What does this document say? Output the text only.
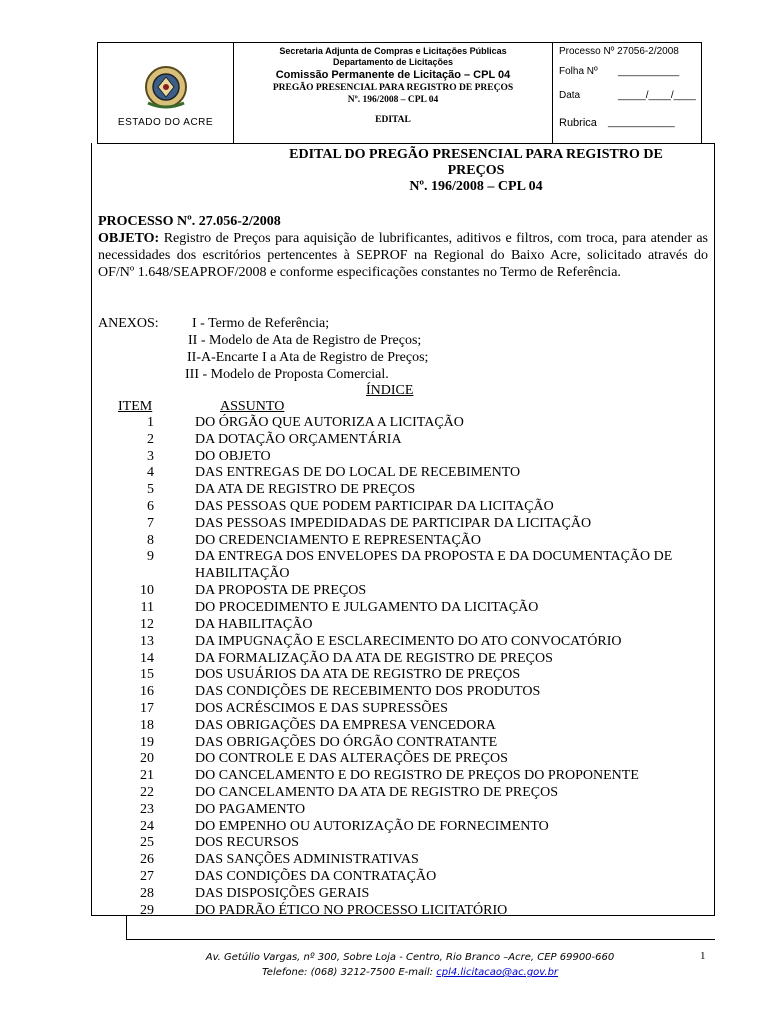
ESTADO DO ACRE
Secretaria Adjunta de Compras e Licitações Públicas
Departamento de Licitações
Comissão Permanente de Licitação – CPL 04
PREGÃO PRESENCIAL PARA REGISTRO DE PREÇOS
Nº. 196/2008 – CPL 04
EDITAL
Processo Nº 27056-2/2008
Folha Nº ___________
Data	_____/____/____
Rubrica ____________
EDITAL DO PREGÃO PRESENCIAL PARA REGISTRO DE
PREÇOS
Nº. 196/2008 – CPL 04
PROCESSO Nº. 27.056-2/2008
OBJETO: Registro de Preços para aquisição de lubrificantes, aditivos e filtros, com troca, para atender as necessidades dos escritórios pertencentes à SEPROF na Regional do Baixo Acre, solicitado através do OF/Nº 1.648/SEAPROF/2008 e conforme especificações constantes no Termo de Referência.
ANEXOS: I - Termo de Referência;
II - Modelo de Ata de Registro de Preços;
II-A-Encarte I a Ata de Registro de Preços;
III - Modelo de Proposta Comercial.
ÍNDICE
ITEM	ASSUNTO
1	DO ÓRGÃO QUE AUTORIZA A LICITAÇÃO
2	DA DOTAÇÃO ORÇAMENTÁRIA
3	DO OBJETO
4	DAS ENTREGAS DE DO LOCAL DE RECEBIMENTO
5	DA ATA DE REGISTRO DE PREÇOS
6	DAS PESSOAS QUE PODEM PARTICIPAR DA LICITAÇÃO
7	DAS PESSOAS IMPEDIDADAS DE PARTICIPAR DA LICITAÇÃO
8	DO CREDENCIAMENTO E REPRESENTAÇÃO
9	DA ENTREGA DOS ENVELOPES DA PROPOSTA E DA DOCUMENTAÇÃO DE HABILITAÇÃO
10	DA PROPOSTA DE PREÇOS
11	DO PROCEDIMENTO E JULGAMENTO DA LICITAÇÃO
12	DA HABILITAÇÃO
13	DA IMPUGNAÇÃO E ESCLARECIMENTO DO ATO CONVOCATÓRIO
14	DA FORMALIZAÇÃO DA ATA DE REGISTRO DE PREÇOS
15	DOS USUÁRIOS DA ATA DE REGISTRO DE PREÇOS
16	DAS CONDIÇÕES DE RECEBIMENTO DOS PRODUTOS
17	DOS ACRÉSCIMOS E DAS SUPRESSÕES
18	DAS OBRIGAÇÕES DA EMPRESA VENCEDORA
19	DAS OBRIGAÇÕES DO ÓRGÃO CONTRATANTE
20	DO CONTROLE E DAS ALTERAÇÕES DE PREÇOS
21	DO CANCELAMENTO E DO REGISTRO DE PREÇOS DO PROPONENTE
22	DO CANCELAMENTO DA ATA DE REGISTRO DE PREÇOS
23	DO PAGAMENTO
24	DO EMPENHO OU AUTORIZAÇÃO DE FORNECIMENTO
25	DOS RECURSOS
26	DAS SANÇÕES ADMINISTRATIVAS
27	DAS CONDIÇÕES DA CONTRATAÇÃO
28	DAS DISPOSIÇÕES GERAIS
29	DO PADRÃO ÉTICO NO PROCESSO LICITATÓRIO
Av. Getúlio Vargas, nº 300, Sobre Loja - Centro, Rio Branco –Acre, CEP 69900-660
Telefone: (068) 3212-7500 E-mail: cpl4.licitacao@ac.gov.br
1
